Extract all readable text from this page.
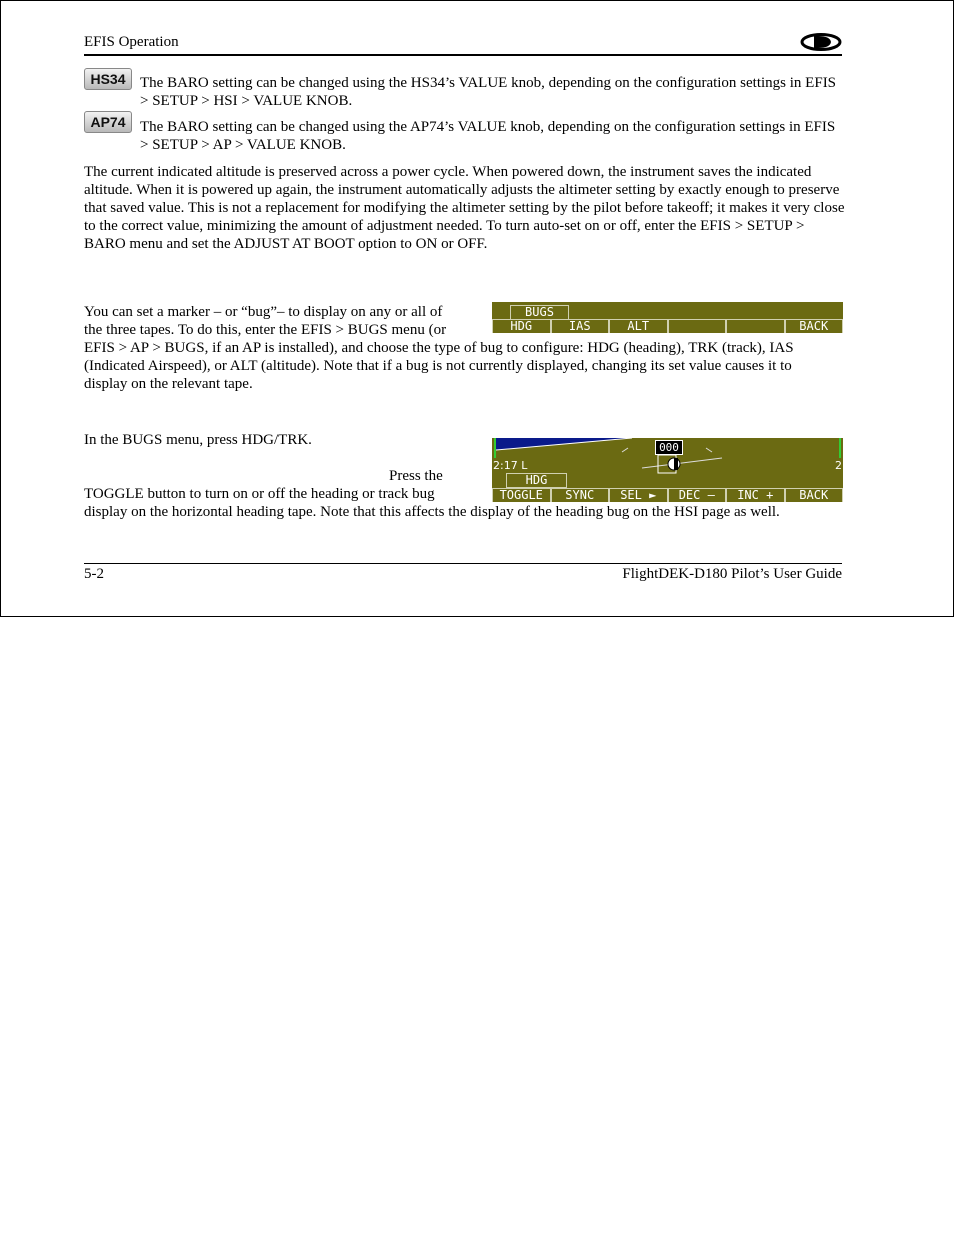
EFIS Operation
HS34 The BARO setting can be changed using the HS34’s VALUE knob, depending on the configuration settings in EFIS > SETUP > HSI > VALUE KNOB.

AP74 The BARO setting can be changed using the AP74’s VALUE knob, depending on the configuration settings in EFIS > SETUP > AP > VALUE KNOB.

The current indicated altitude is preserved across a power cycle. When powered down, the instrument saves the indicated altitude. When it is powered up again, the instrument automatically adjusts the altimeter setting by exactly enough to preserve that saved value. This is not a replacement for modifying the altimeter setting by the pilot before takeoff; it makes it very close to the correct value, minimizing the amount of adjustment needed. To turn auto-set on or off, enter the EFIS > SETUP > BARO menu and set the ADJUST AT BOOT option to ON or OFF.

You can set a marker – or “bug”– to display on any or all of
the three tapes. To do this, enter the EFIS > BUGS menu (or
EFIS > AP > BUGS, if an AP is installed), and choose the type of bug to configure: HDG (heading), TRK (track), IAS
(Indicated Airspeed), or ALT (altitude). Note that if a bug is not currently displayed, changing its set value causes it to
display on the relevant tape.
BUGS
HDG	IAS	ALT	BACK
In the BUGS menu, press HDG/TRK.
Press the
TOGGLE button to turn on or off the heading or track bug
display on the horizontal heading tape. Note that this affects the display of the heading bug on the HSI page as well.
000
2:17 L	2
HDG
TOGGLE	SYNC	SEL ►	DEC –	INC +	BACK
5-2	FlightDEK-D180 Pilot’s User Guide
